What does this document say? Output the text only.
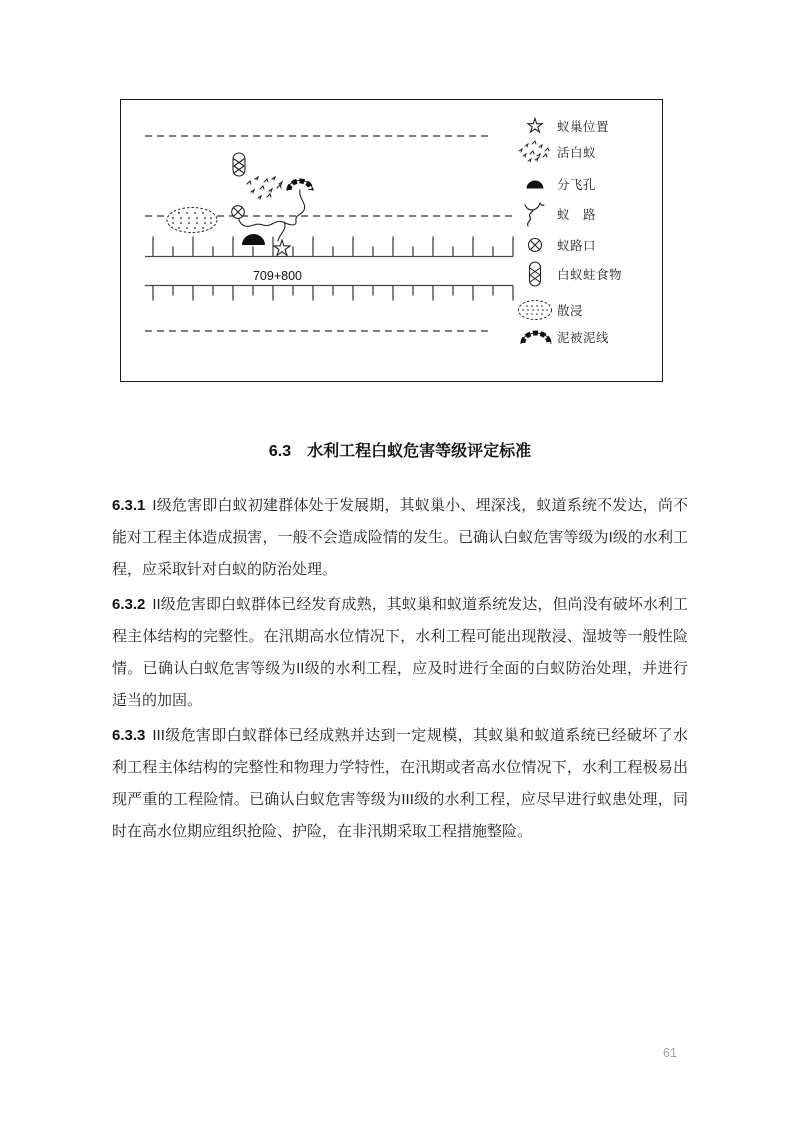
709+800
蚁巢位置
活白蚁
分飞孔
蚁　路
蚁路口
白蚁蛀食物
散浸
泥被泥线
6.3 水利工程白蚁危害等级评定标准

6.3.1 I级危害即白蚁初建群体处于发展期，其蚁巢小、埋深浅，蚁道系统不发达，尚不能对工程主体造成损害，一般不会造成险情的发生。已确认白蚁危害等级为I级的水利工程，应采取针对白蚁的防治处理。

6.3.2 II级危害即白蚁群体已经发育成熟，其蚁巢和蚁道系统发达，但尚没有破坏水利工程主体结构的完整性。在汛期高水位情况下，水利工程可能出现散浸、湿坡等一般性险情。已确认白蚁危害等级为II级的水利工程，应及时进行全面的白蚁防治处理，并进行适当的加固。

6.3.3 III级危害即白蚁群体已经成熟并达到一定规模，其蚁巢和蚁道系统已经破坏了水利工程主体结构的完整性和物理力学特性，在汛期或者高水位情况下，水利工程极易出现严重的工程险情。已确认白蚁危害等级为III级的水利工程，应尽早进行蚁患处理，同时在高水位期应组织抢险、护险，在非汛期采取工程措施整险。

61
